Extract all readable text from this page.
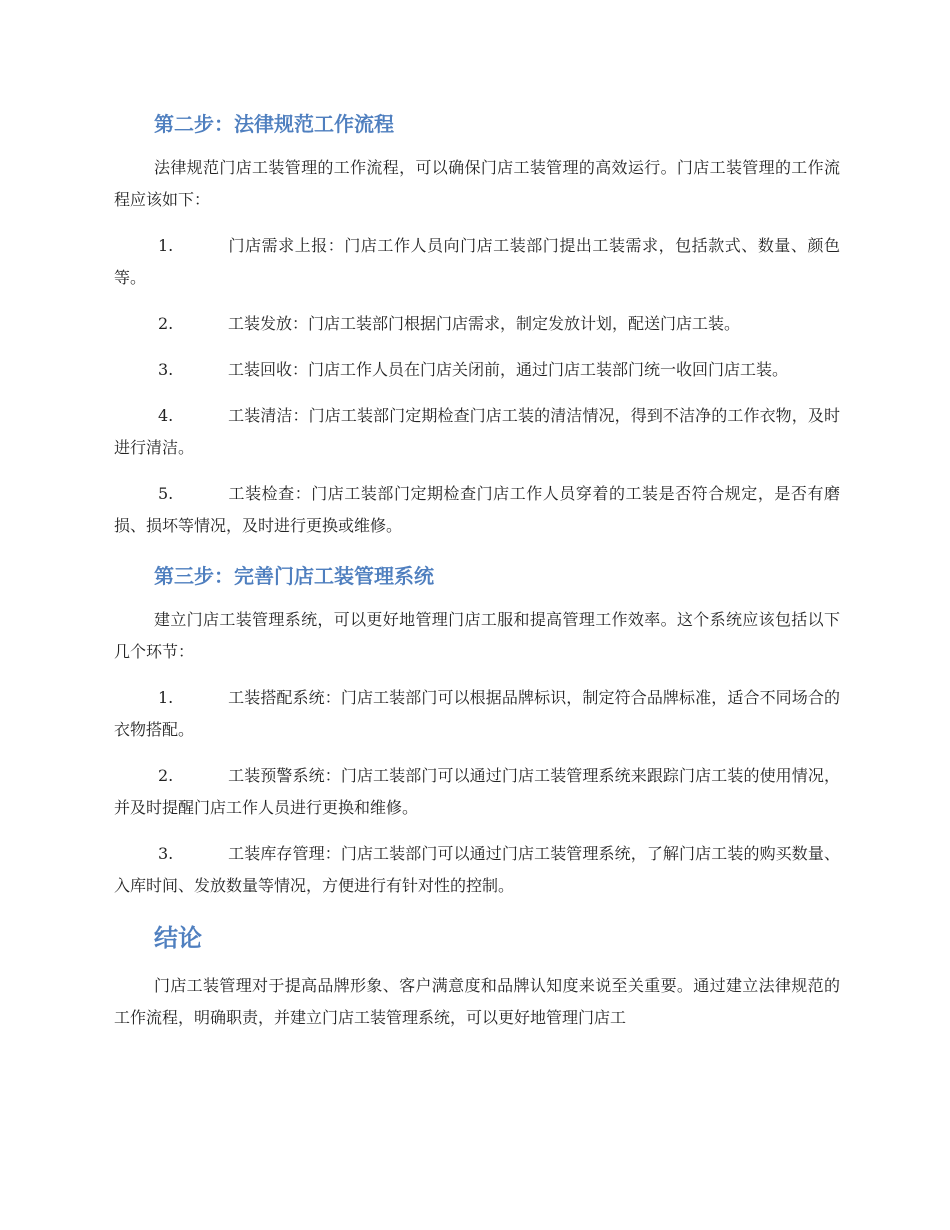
第二步：法律规范工作流程

法律规范门店工装管理的工作流程，可以确保门店工装管理的高效运行。门店工装管理的工作流程应该如下：

1.	门店需求上报：门店工作人员向门店工装部门提出工装需求，包括款式、数量、颜色等。
2.	工装发放：门店工装部门根据门店需求，制定发放计划，配送门店工装。
3.	工装回收：门店工作人员在门店关闭前，通过门店工装部门统一收回门店工装。
4.	工装清洁：门店工装部门定期检查门店工装的清洁情况，得到不洁净的工作衣物，及时进行清洁。
5.	工装检查：门店工装部门定期检查门店工作人员穿着的工装是否符合规定，是否有磨损、损坏等情况，及时进行更换或维修。
第三步：完善门店工装管理系统

建立门店工装管理系统，可以更好地管理门店工服和提高管理工作效率。这个系统应该包括以下几个环节：

1.	工装搭配系统：门店工装部门可以根据品牌标识，制定符合品牌标准，适合不同场合的衣物搭配。
2.	工装预警系统：门店工装部门可以通过门店工装管理系统来跟踪门店工装的使用情况，并及时提醒门店工作人员进行更换和维修。
3.	工装库存管理：门店工装部门可以通过门店工装管理系统，了解门店工装的购买数量、入库时间、发放数量等情况，方便进行有针对性的控制。
结论

门店工装管理对于提高品牌形象、客户满意度和品牌认知度来说至关重要。通过建立法律规范的工作流程，明确职责，并建立门店工装管理系统，可以更好地管理门店工
